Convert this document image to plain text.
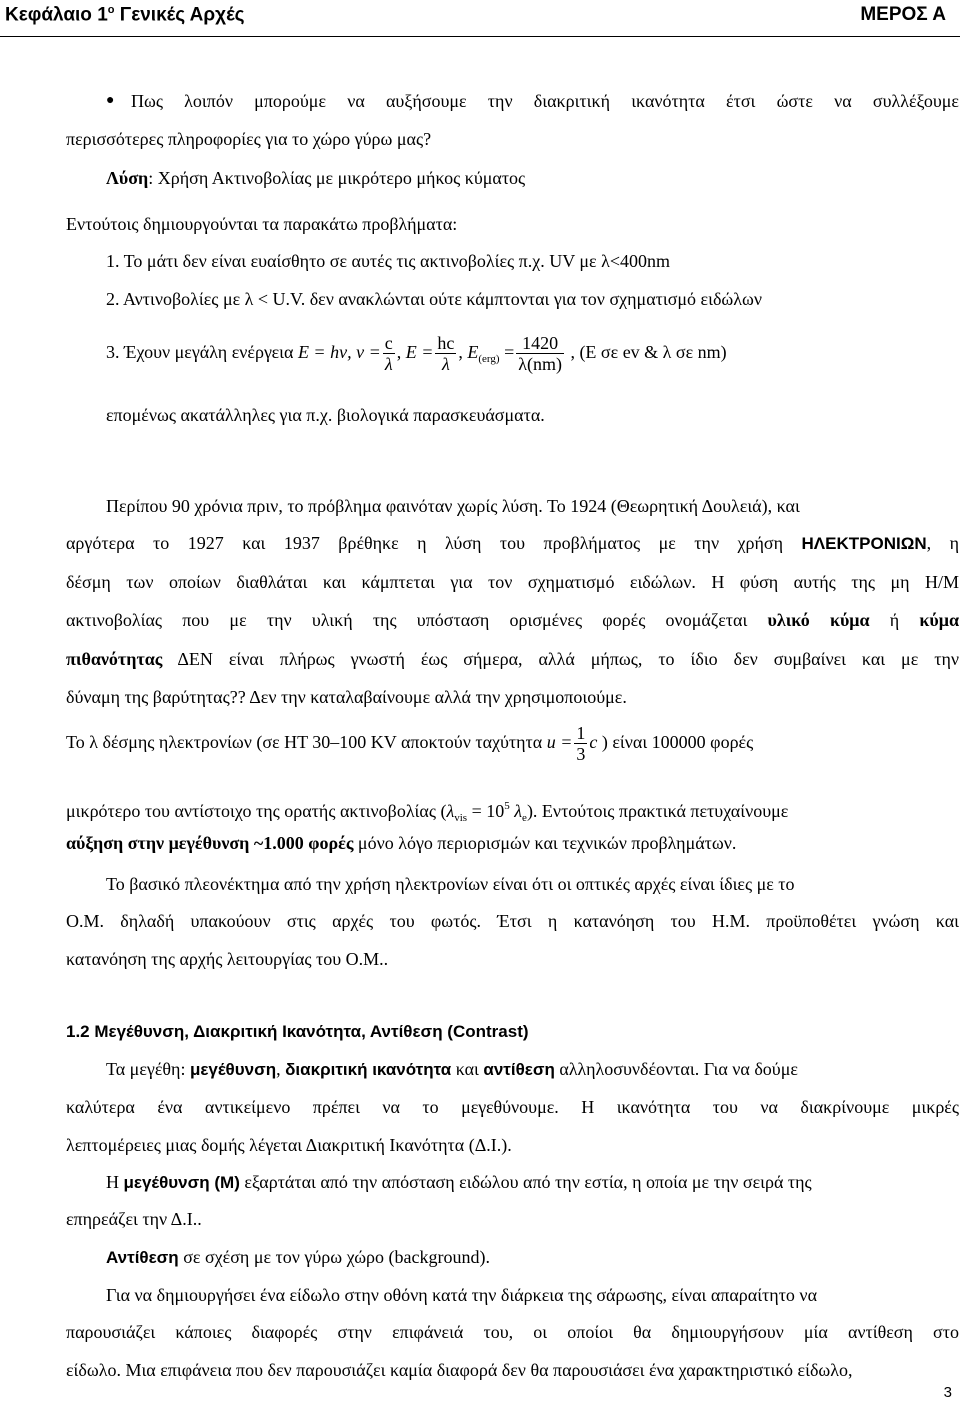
Κεφάλαιο $1^o$ Γενικές Αρχές	ΜΕΡΟΣ Α
● Πως λοιπόν μπορούμε να αυξήσουμε την διακριτική ικανότητα έτσι ώστε να συλλέξουμε
περισσότερες πληροφορίες για το χώρο γύρω μας?
Λύση: Χρήση Ακτινοβολίας με μικρότερο μήκος κύματος
Εντούτοις δημιουργούνται τα παρακάτω προβλήματα:
1. Το μάτι δεν είναι ευαίσθητο σε αυτές τις ακτινοβολίες π.χ. UV με λ<400nm
2. Αντινοβολίες με λ < U.V. δεν ανακλώνται ούτε κάμπτονται για τον σχηματισμό ειδώλων
3. Έχουν μεγάλη ενέργεια E = hν, $\nu = \frac{c}{\lambda}$ , $E = \frac{hc}{\lambda}$ , $E_{(erg)} = \frac{1420}{\lambda(nm)}$ , (Ε σε ev & λ σε nm)
επομένως ακατάλληλες για π.χ. βιολογικά παρασκευάσματα.
Περίπου 90 χρόνια πριν, το πρόβλημα φαινόταν χωρίς λύση. Το 1924 (Θεωρητική Δουλειά), και
αργότερα το 1927 και 1937 βρέθηκε η λύση του προβλήματος με την χρήση ΗΛΕΚΤΡΟΝΙΩΝ, η
δέσμη των οποίων διαθλάται και κάμπτεται για τον σχηματισμό ειδώλων. Η φύση αυτής της μη Η/Μ
ακτινοβολίας που με την υλική της υπόσταση ορισμένες φορές ονομάζεται υλικό κύμα ή κύμα
πιθανότητας ΔΕΝ είναι πλήρως γνωστή έως σήμερα, αλλά μήπως, το ίδιο δεν συμβαίνει και με την
δύναμη της βαρύτητας?? Δεν την καταλαβαίνουμε αλλά την χρησιμοποιούμε.
Το λ δέσμης ηλεκτρονίων (σε ΗΤ 30–100 KV αποκτούν ταχύτητα $u = \frac{1}{3}$ c ) είναι 100000 φορές
μικρότερο του αντίστοιχο της ορατής ακτινοβολίας ($\lambda_{vis} = 10^5$ $\lambda_e$). Εντούτοις πρακτικά πετυχαίνουμε
αύξηση στην μεγέθυνση ~1.000 φορές μόνο λόγο περιορισμών και τεχνικών προβλημάτων.
Το βασικό πλεονέκτημα από την χρήση ηλεκτρονίων είναι ότι οι οπτικές αρχές είναι ίδιες με το
Ο.Μ. δηλαδή υπακούουν στις αρχές του φωτός. Έτσι η κατανόηση του Η.Μ. προϋποθέτει γνώση και
κατανόηση της αρχής λειτουργίας του Ο.Μ..
1.2 Μεγέθυνση, Διακριτική Ικανότητα, Αντίθεση (Contrast)
Τα μεγέθη: μεγέθυνση, διακριτική ικανότητα και αντίθεση αλληλοσυνδέονται. Για να δούμε
καλύτερα ένα αντικείμενο πρέπει να το μεγεθύνουμε. Η ικανότητα του να διακρίνουμε μικρές
λεπτομέρειες μιας δομής λέγεται Διακριτική Ικανότητα (Δ.Ι.).
Η μεγέθυνση (Μ) εξαρτάται από την απόσταση ειδώλου από την εστία, η οποία με την σειρά της
επηρεάζει την Δ.Ι..
Αντίθεση σε σχέση με τον γύρω χώρο (background).
Για να δημιουργήσει ένα είδωλο στην οθόνη κατά την διάρκεια της σάρωσης, είναι απαραίτητο να
παρουσιάζει κάποιες διαφορές στην επιφάνειά του, οι οποίοι θα δημιουργήσουν μία αντίθεση στο
είδωλο. Μια επιφάνεια που δεν παρουσιάζει καμία διαφορά δεν θα παρουσιάσει ένα χαρακτηριστικό είδωλο,
3
